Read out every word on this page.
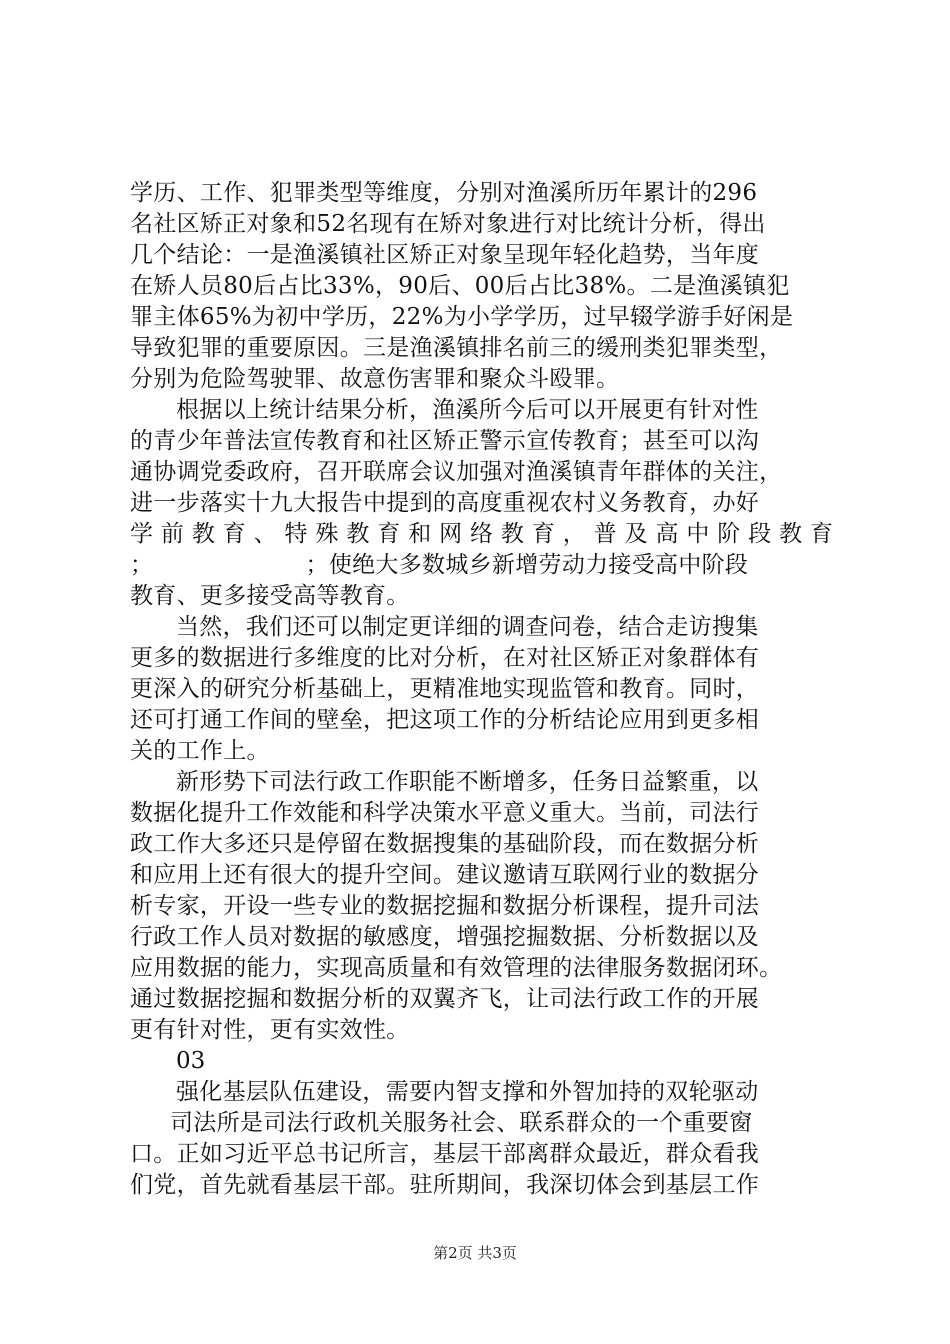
学历、工作、犯罪类型等维度，分别对渔溪所历年累计的296
名社区矫正对象和52名现有在矫对象进行对比统计分析，得出
几个结论：一是渔溪镇社区矫正对象呈现年轻化趋势，当年度
在矫人员80后占比33%，90后、00后占比38%。二是渔溪镇犯
罪主体65%为初中学历，22%为小学学历，过早辍学游手好闲是
导致犯罪的重要原因。三是渔溪镇排名前三的缓刑类犯罪类型，
分别为危险驾驶罪、故意伤害罪和聚众斗殴罪。

根据以上统计结果分析，渔溪所今后可以开展更有针对性
的青少年普法宣传教育和社区矫正警示宣传教育；甚至可以沟
通协调党委政府，召开联席会议加强对渔溪镇青年群体的关注，
进一步落实十九大报告中提到的高度重视农村义务教育，办好
学 前 教 育 、 特 殊 教 育 和 网 络 教 育 ， 普 及 高 中 阶 段 教 育
；                    ；使绝大多数城乡新增劳动力接受高中阶段
教育、更多接受高等教育。

当然，我们还可以制定更详细的调查问卷，结合走访搜集
更多的数据进行多维度的比对分析，在对社区矫正对象群体有
更深入的研究分析基础上，更精准地实现监管和教育。同时，
还可打通工作间的壁垒，把这项工作的分析结论应用到更多相
关的工作上。

新形势下司法行政工作职能不断增多，任务日益繁重，以
数据化提升工作效能和科学决策水平意义重大。当前，司法行
政工作大多还只是停留在数据搜集的基础阶段，而在数据分析
和应用上还有很大的提升空间。建议邀请互联网行业的数据分
析专家，开设一些专业的数据挖掘和数据分析课程，提升司法
行政工作人员对数据的敏感度，增强挖掘数据、分析数据以及
应用数据的能力，实现高质量和有效管理的法律服务数据闭环。
通过数据挖掘和数据分析的双翼齐飞，让司法行政工作的开展
更有针对性，更有实效性。

03

强化基层队伍建设，需要内智支撑和外智加持的双轮驱动

司法所是司法行政机关服务社会、联系群众的一个重要窗
口。正如习近平总书记所言，基层干部离群众最近，群众看我
们党，首先就看基层干部。驻所期间，我深切体会到基层工作

第2页 共3页
